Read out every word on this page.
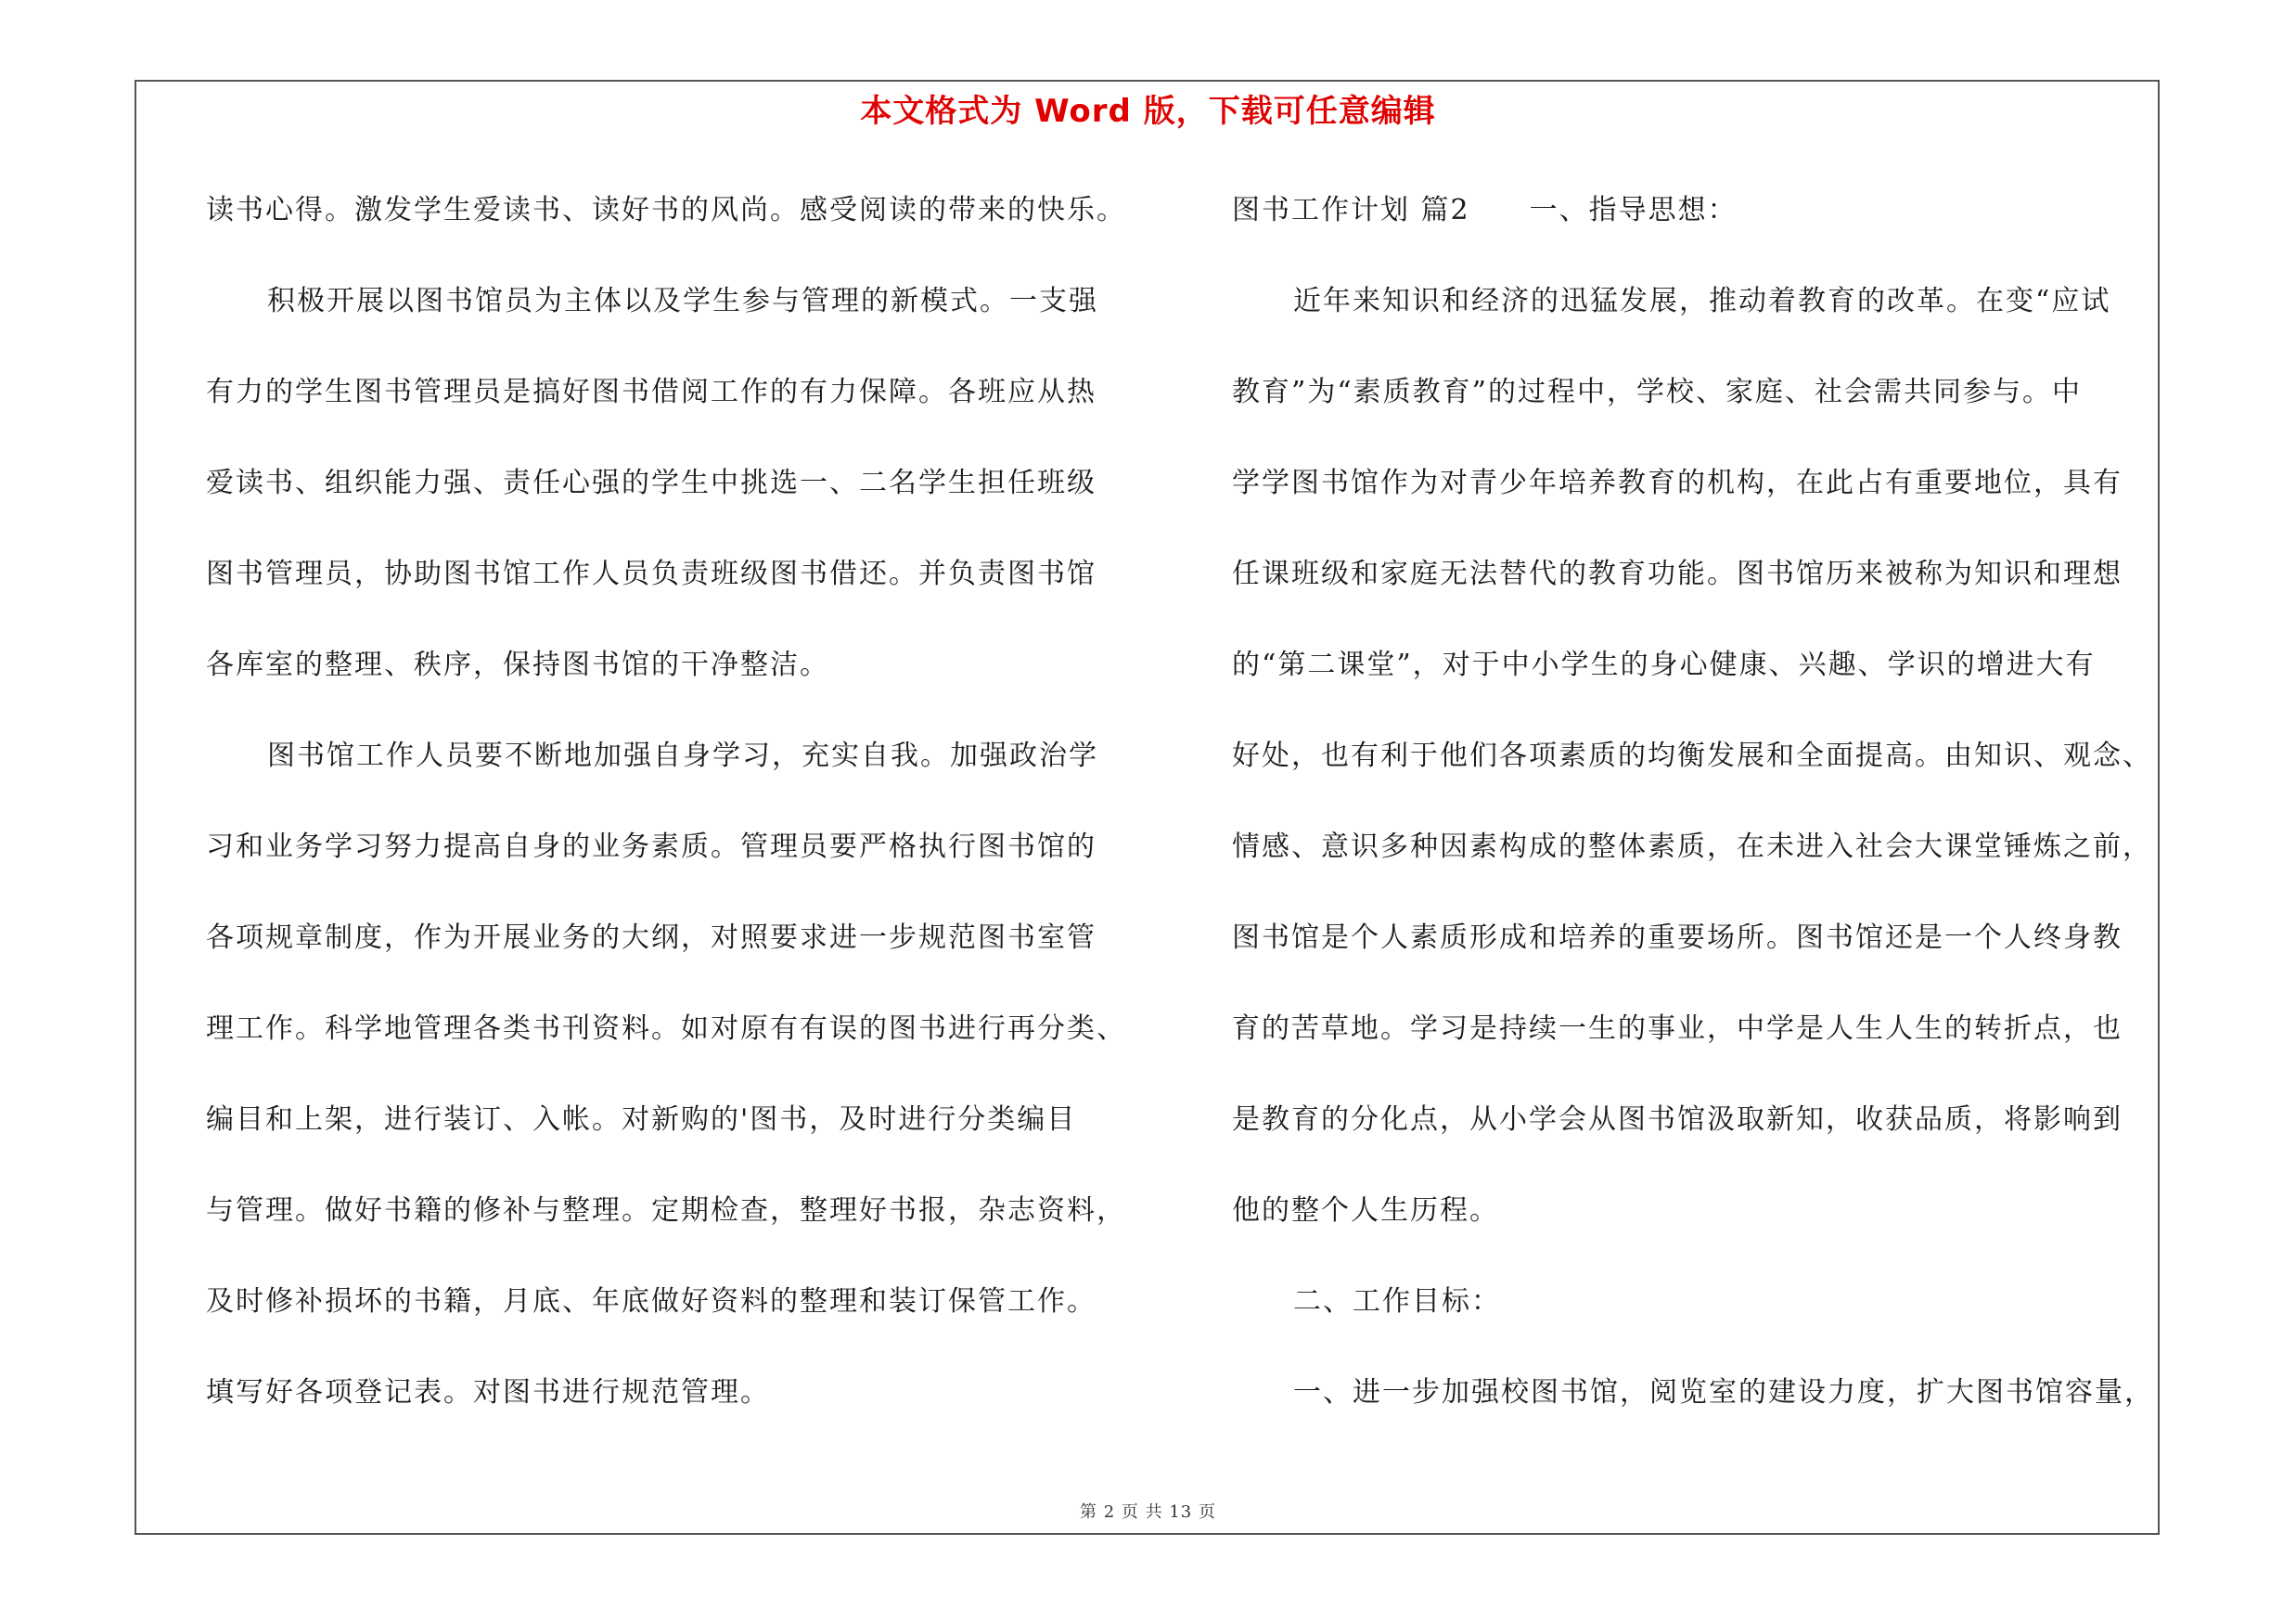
本文格式为 Word 版，下载可任意编辑
读书心得。激发学生爱读书、读好书的风尚。感受阅读的带来的快乐。
积极开展以图书馆员为主体以及学生参与管理的新模式。一支强
有力的学生图书管理员是搞好图书借阅工作的有力保障。各班应从热
爱读书、组织能力强、责任心强的学生中挑选一、二名学生担任班级
图书管理员，协助图书馆工作人员负责班级图书借还。并负责图书馆
各库室的整理、秩序，保持图书馆的干净整洁。
图书馆工作人员要不断地加强自身学习，充实自我。加强政治学
习和业务学习努力提高自身的业务素质。管理员要严格执行图书馆的
各项规章制度，作为开展业务的大纲，对照要求进一步规范图书室管
理工作。科学地管理各类书刊资料。如对原有有误的图书进行再分类、
编目和上架，进行装订、入帐。对新购的'图书，及时进行分类编目
与管理。做好书籍的修补与整理。定期检查，整理好书报，杂志资料，
及时修补损坏的书籍，月底、年底做好资料的整理和装订保管工作。
填写好各项登记表。对图书进行规范管理。
图书工作计划 篇2　　一、指导思想：
近年来知识和经济的迅猛发展，推动着教育的改革。在变“应试
教育”为“素质教育”的过程中，学校、家庭、社会需共同参与。中
学学图书馆作为对青少年培养教育的机构，在此占有重要地位，具有
任课班级和家庭无法替代的教育功能。图书馆历来被称为知识和理想
的“第二课堂”，对于中小学生的身心健康、兴趣、学识的增进大有
好处，也有利于他们各项素质的均衡发展和全面提高。由知识、观念、
情感、意识多种因素构成的整体素质，在未进入社会大课堂锤炼之前，
图书馆是个人素质形成和培养的重要场所。图书馆还是一个人终身教
育的苦草地。学习是持续一生的事业，中学是人生人生的转折点，也
是教育的分化点，从小学会从图书馆汲取新知，收获品质，将影响到
他的整个人生历程。
二、工作目标：
一、进一步加强校图书馆，阅览室的建设力度，扩大图书馆容量，
第 2 页 共 13 页
